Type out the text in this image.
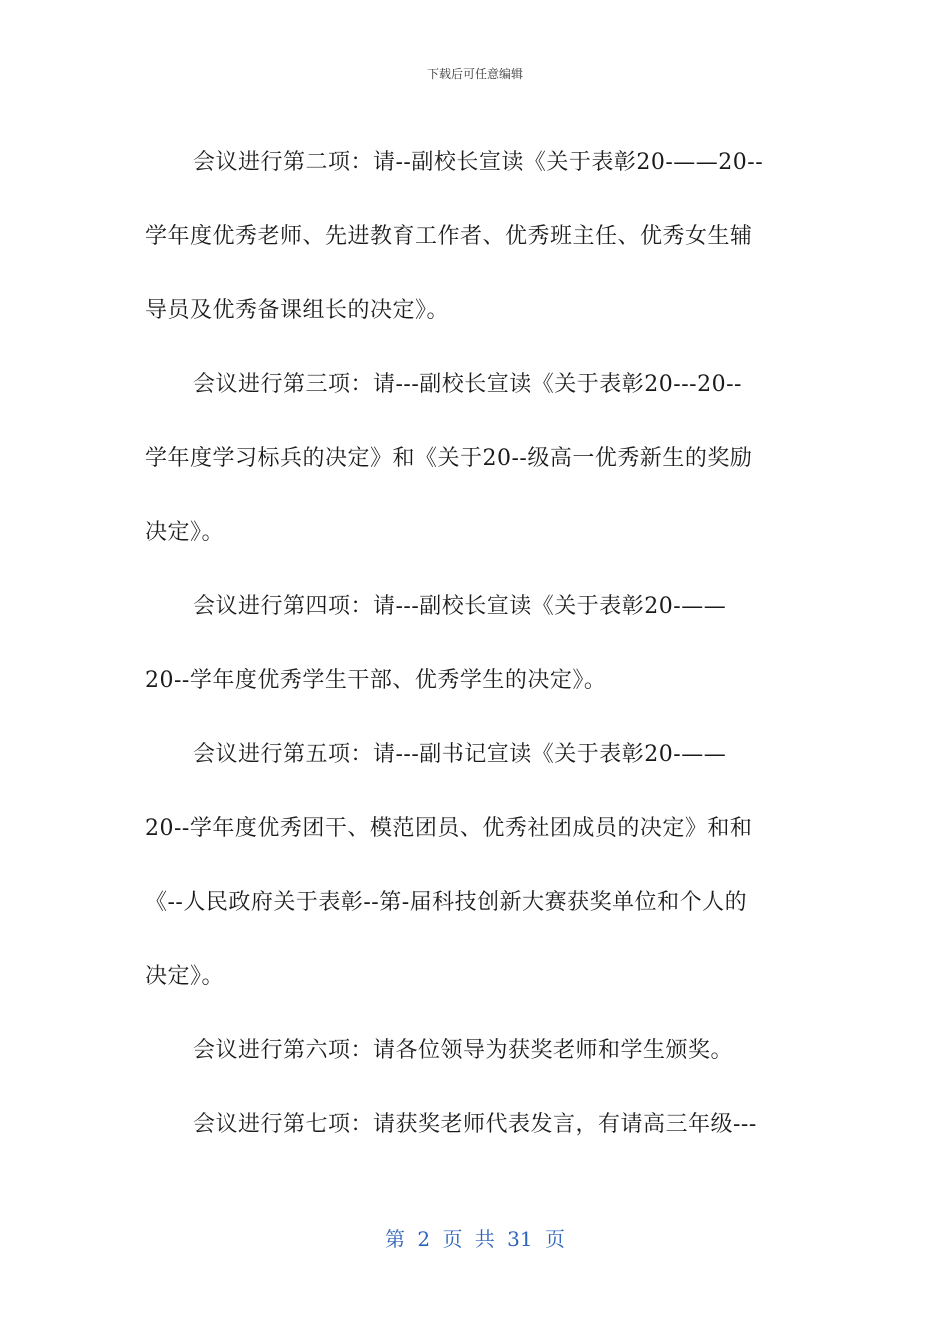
下载后可任意编辑

会议进行第二项：请--副校长宣读《关于表彰20-——20--
学年度优秀老师、先进教育工作者、优秀班主任、优秀女生辅
导员及优秀备课组长的决定》。

会议进行第三项：请---副校长宣读《关于表彰20---20--
学年度学习标兵的决定》和《关于20--级高一优秀新生的奖励
决定》。

会议进行第四项：请---副校长宣读《关于表彰20-——
20--学年度优秀学生干部、优秀学生的决定》。

会议进行第五项：请---副书记宣读《关于表彰20-——
20--学年度优秀团干、模范团员、优秀社团成员的决定》和和
《--人民政府关于表彰--第-届科技创新大赛获奖单位和个人的
决定》。

会议进行第六项：请各位领导为获奖老师和学生颁奖。

会议进行第七项：请获奖老师代表发言，有请高三年级---

第 2 页 共 31 页
